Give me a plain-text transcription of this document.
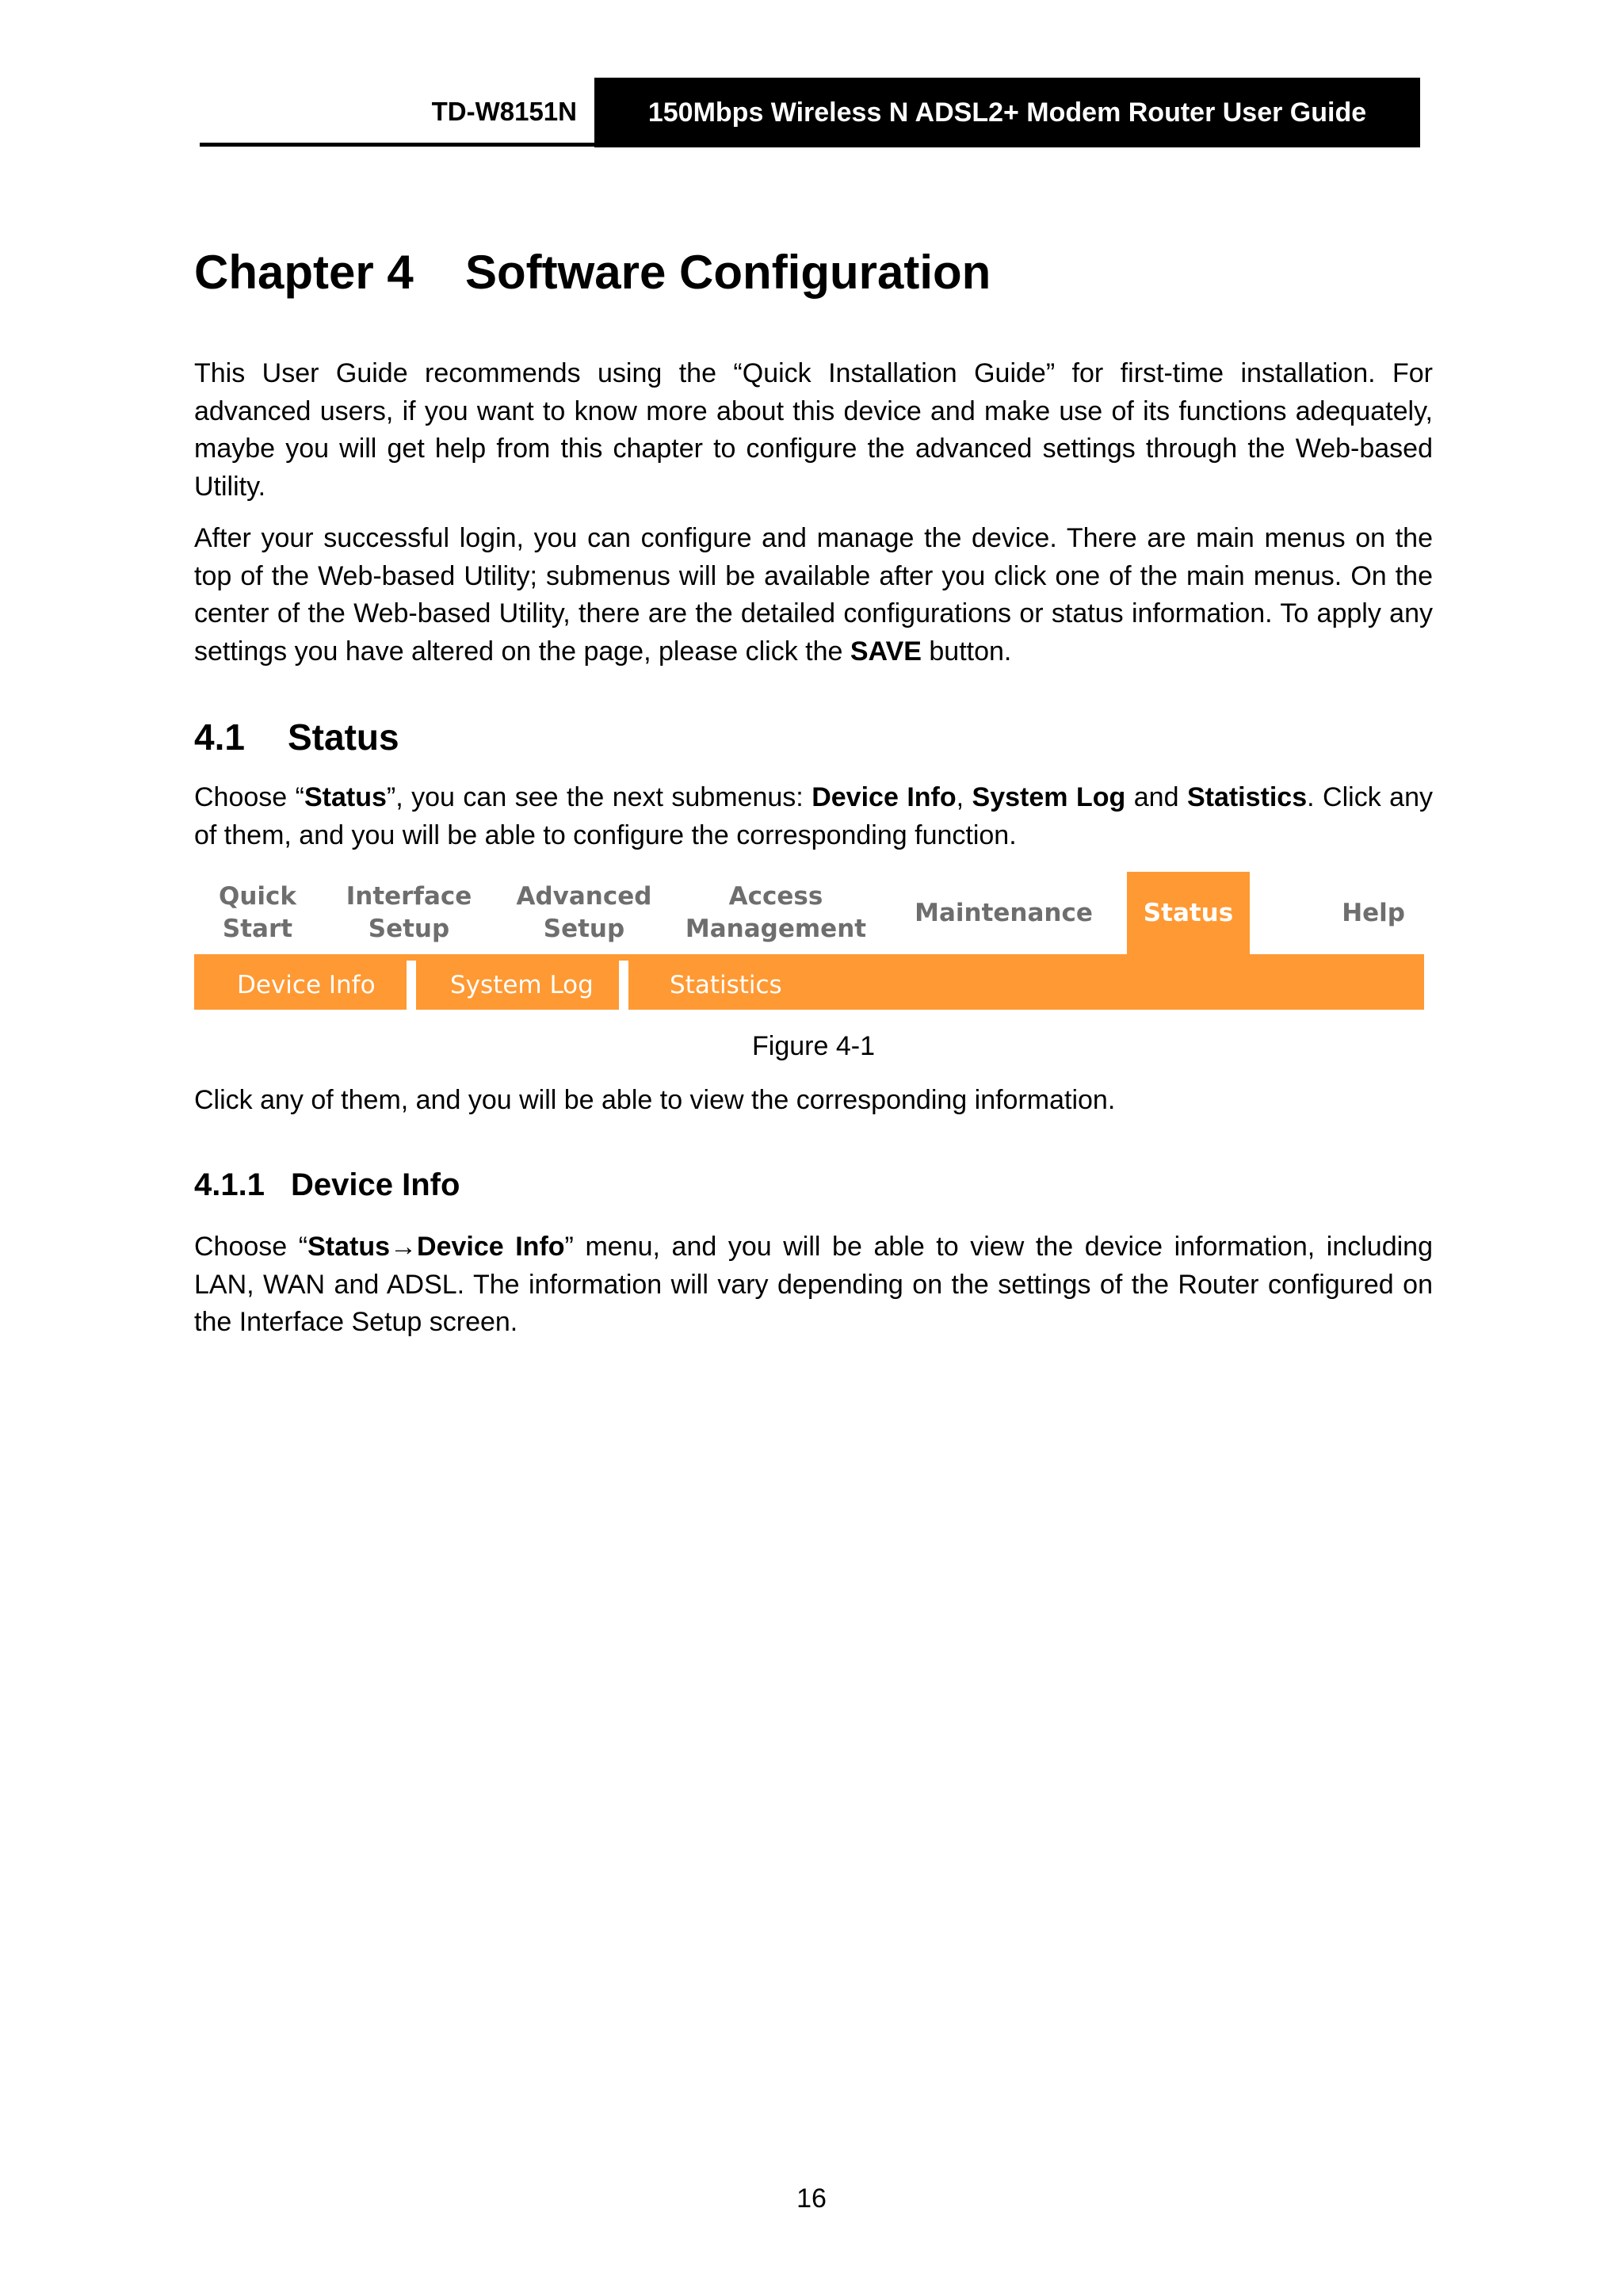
TD-W8151N	150Mbps Wireless N ADSL2+ Modem Router User Guide
Chapter 4 Software Configuration
This User Guide recommends using the “Quick Installation Guide” for first-time installation. For advanced users, if you want to know more about this device and make use of its functions adequately, maybe you will get help from this chapter to configure the advanced settings through the Web-based Utility.
After your successful login, you can configure and manage the device. There are main menus on the top of the Web-based Utility; submenus will be available after you click one of the main menus. On the center of the Web-based Utility, there are the detailed configurations or status information. To apply any settings you have altered on the page, please click the SAVE button.
4.1 Status
Choose “Status”, you can see the next submenus: Device Info, System Log and Statistics. Click any of them, and you will be able to configure the corresponding function.
Quick
Start
Interface
Setup
Advanced
Setup
Access
Management
Maintenance	Status	Help
Device Info	System Log	Statistics
Figure 4-1
Click any of them, and you will be able to view the corresponding information.
4.1.1 Device Info
Choose “Status→Device Info” menu, and you will be able to view the device information, including LAN, WAN and ADSL. The information will vary depending on the settings of the Router configured on the Interface Setup screen.
16
